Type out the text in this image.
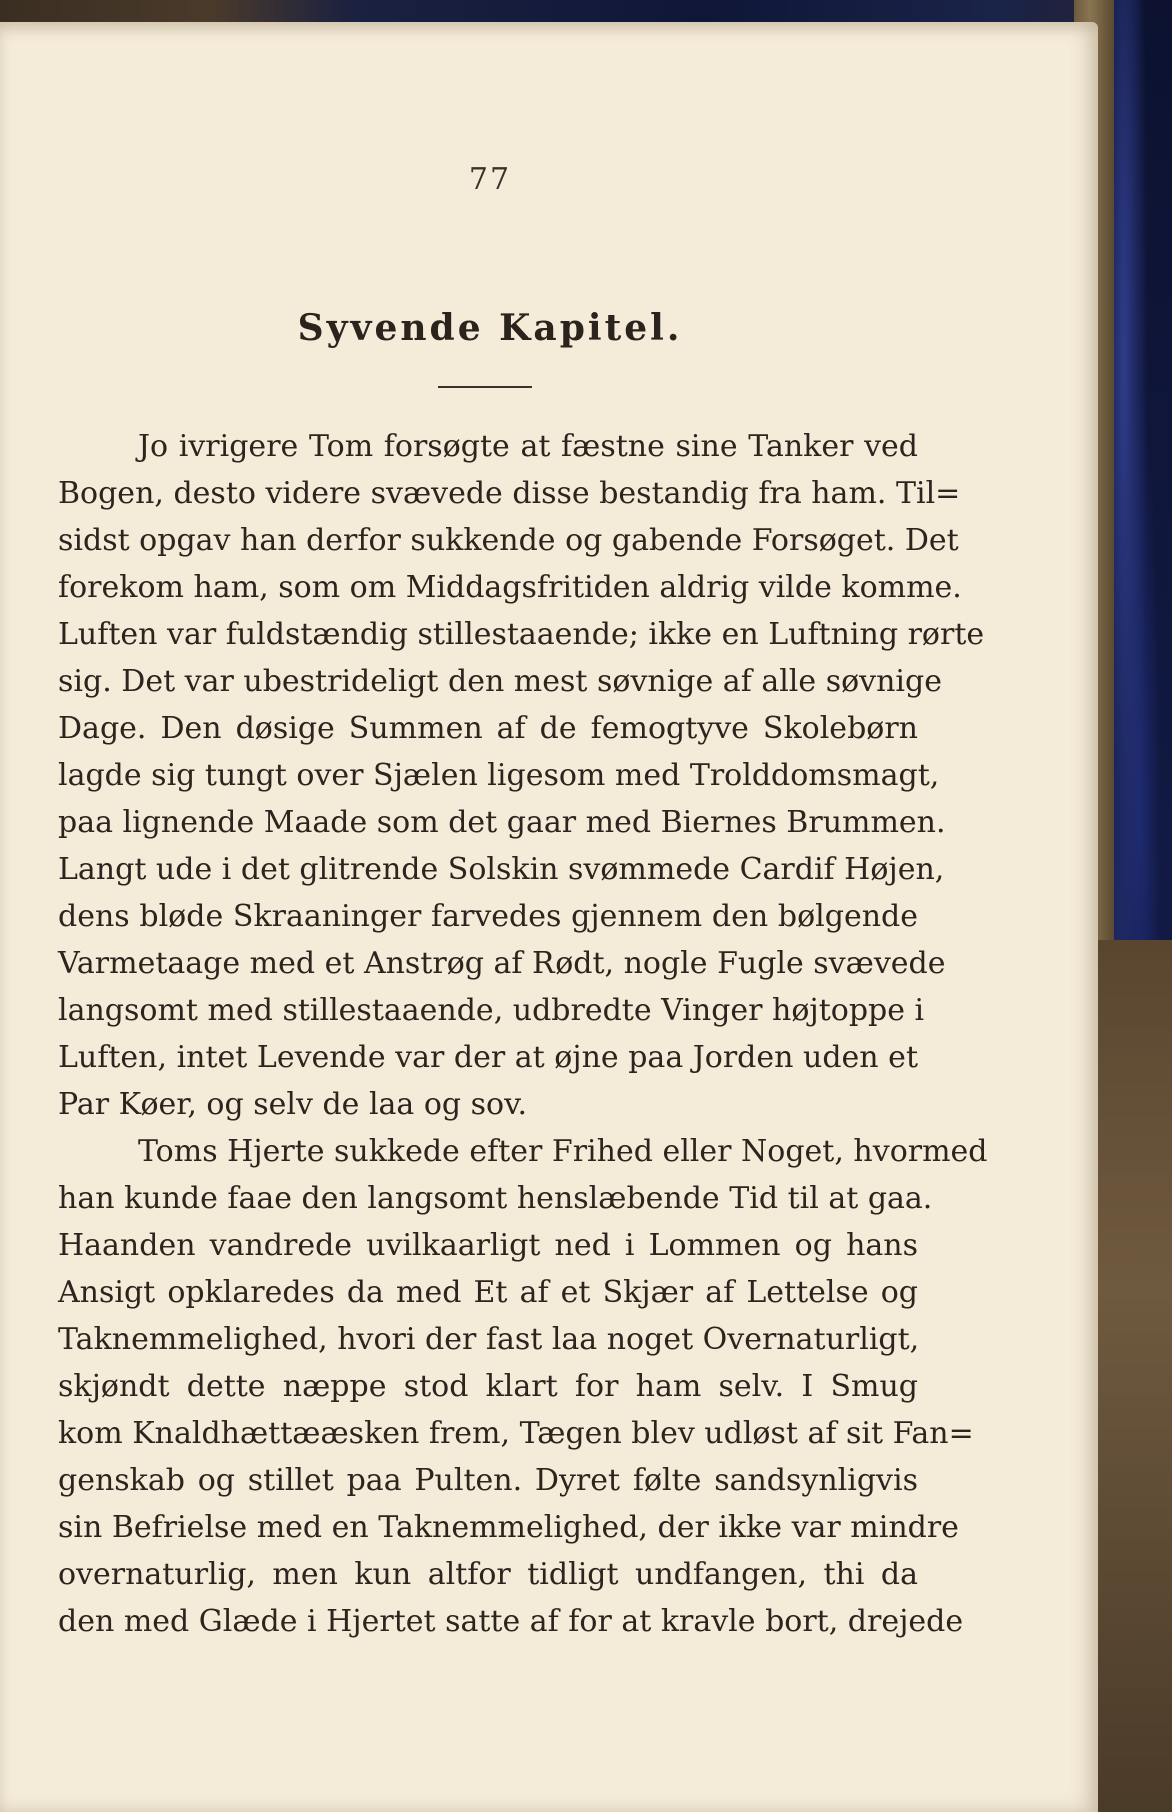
77
Syvende Kapitel.
Jo ivrigere Tom forsøgte at fæstne sine Tanker ved
Bogen, desto videre svævede disse bestandig fra ham. Til=
sidst opgav han derfor sukkende og gabende Forsøget. Det
forekom ham, som om Middagsfritiden aldrig vilde komme.
Luften var fuldstændig stillestaaende; ikke en Luftning rørte
sig. Det var ubestrideligt den mest søvnige af alle søvnige
Dage. Den døsige Summen af de femogtyve Skolebørn
lagde sig tungt over Sjælen ligesom med Trolddomsmagt,
paa lignende Maade som det gaar med Biernes Brummen.
Langt ude i det glitrende Solskin svømmede Cardif Højen,
dens bløde Skraaninger farvedes gjennem den bølgende
Varmetaage med et Anstrøg af Rødt, nogle Fugle svævede
langsomt med stillestaaende, udbredte Vinger højtoppe i
Luften, intet Levende var der at øjne paa Jorden uden et
Par Køer, og selv de laa og sov.
Toms Hjerte sukkede efter Frihed eller Noget, hvormed
han kunde faae den langsomt henslæbende Tid til at gaa.
Haanden vandrede uvilkaarligt ned i Lommen og hans
Ansigt opklaredes da med Et af et Skjær af Lettelse og
Taknemmelighed, hvori der fast laa noget Overnaturligt,
skjøndt dette næppe stod klart for ham selv. I Smug
kom Knaldhættææsken frem, Tægen blev udløst af sit Fan=
genskab og stillet paa Pulten. Dyret følte sandsynligvis
sin Befrielse med en Taknemmelighed, der ikke var mindre
overnaturlig, men kun altfor tidligt undfangen, thi da
den med Glæde i Hjertet satte af for at kravle bort, drejede
